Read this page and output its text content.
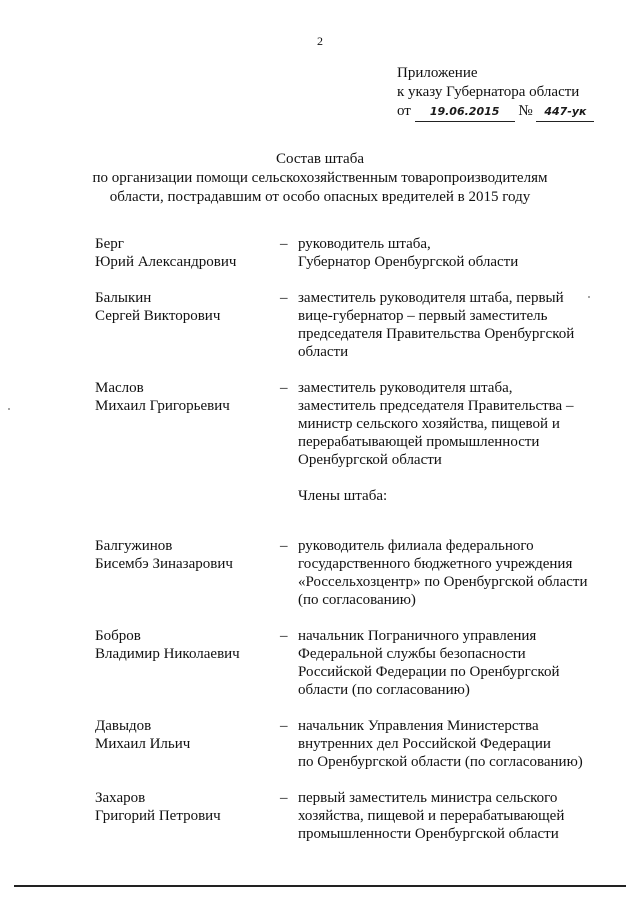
2
Приложение
к указу Губернатора области
от 19.06.2015 № 447-ук
Состав штаба
по организации помощи сельскохозяйственным товаропроизводителям
области, пострадавшим от особо опасных вредителей в 2015 году
Берг
Юрий Александрович
– руководитель штаба,
Губернатор Оренбургской области
Балыкин
Сергей Викторович
– заместитель руководителя штаба, первый
вице-губернатор – первый заместитель
председателя Правительства Оренбургской
области
Маслов
Михаил Григорьевич
– заместитель руководителя штаба,
заместитель председателя Правительства –
министр сельского хозяйства, пищевой и
перерабатывающей промышленности
Оренбургской области
Члены штаба:
Балгужинов
Бисембэ Зиназарович
– руководитель филиала федерального
государственного бюджетного учреждения
«Россельхозцентр» по Оренбургской области
(по согласованию)
Бобров
Владимир Николаевич
– начальник Пограничного управления
Федеральной службы безопасности
Российской Федерации по Оренбургской
области (по согласованию)
Давыдов
Михаил Ильич
– начальник Управления Министерства
внутренних дел Российской Федерации
по Оренбургской области (по согласованию)
Захаров
Григорий Петрович
– первый заместитель министра сельского
хозяйства, пищевой и перерабатывающей
промышленности Оренбургской области
